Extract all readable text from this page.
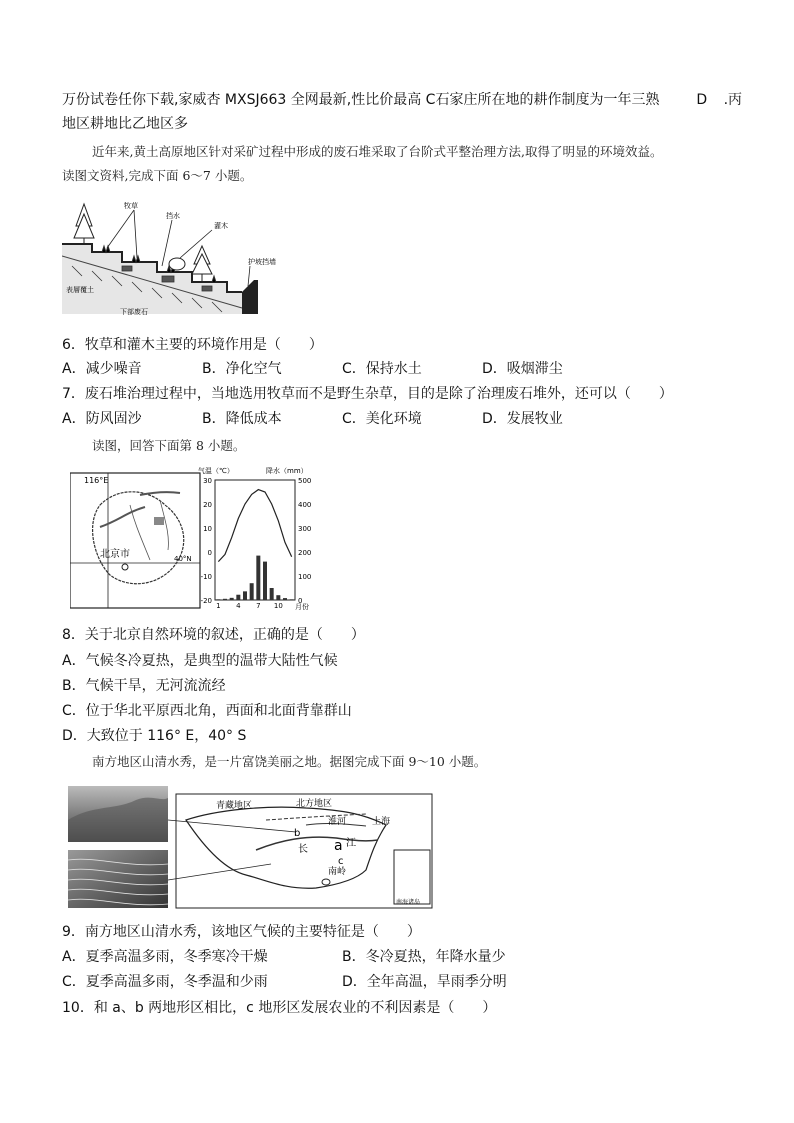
万份试卷任你下载,家威杏 MXSJ663 全网最新,性比价最高 C石家庄所在地的耕作制度为一年三熟	D .丙
地区耕地比乙地区多
近年来,黄土高原地区针对采矿过程中形成的废石堆采取了台阶式平整治理方法,取得了明显的环境效益。
读图文资料,完成下面 6～7 小题。
牧草
挡水
灌木
护坡挡墙
表層覆土
下部废石
6．牧草和灌木主要的环境作用是（　　）
A．减少噪音	B．净化空气	C．保持水土	D．吸烟滞尘
7．废石堆治理过程中，当地选用牧草而不是野生杂草，目的是除了治理废石堆外，还可以（　　）
A．防风固沙	B．降低成本	C．美化环境	D．发展牧业
读图，回答下面第 8 小题。
116°E
北京市	40°N
气温（℃）	降水（mm）
月份
30
20
10
0
-10
-20
500
400
300
200
100
0
1 4 7 10
8．关于北京自然环境的叙述，正确的是（　　）
A．气候冬冷夏热，是典型的温带大陆性气候
B．气候干旱，无河流流经
C．位于华北平原西北角，西面和北面背靠群山
D．大致位于 116° E，40° S
南方地区山清水秀，是一片富饶美丽之地。据图完成下面 9～10 小题。
青藏地区	北方地区
b
淮河	上海
长 a 江
c
南岭
南海诸岛
9．南方地区山清水秀，该地区气候的主要特征是（　　）
A．夏季高温多雨，冬季寒冷干燥	B．冬冷夏热，年降水量少
C．夏季高温多雨，冬季温和少雨	D．全年高温，旱雨季分明
10．和 a、b 两地形区相比，c 地形区发展农业的不利因素是（　　）
